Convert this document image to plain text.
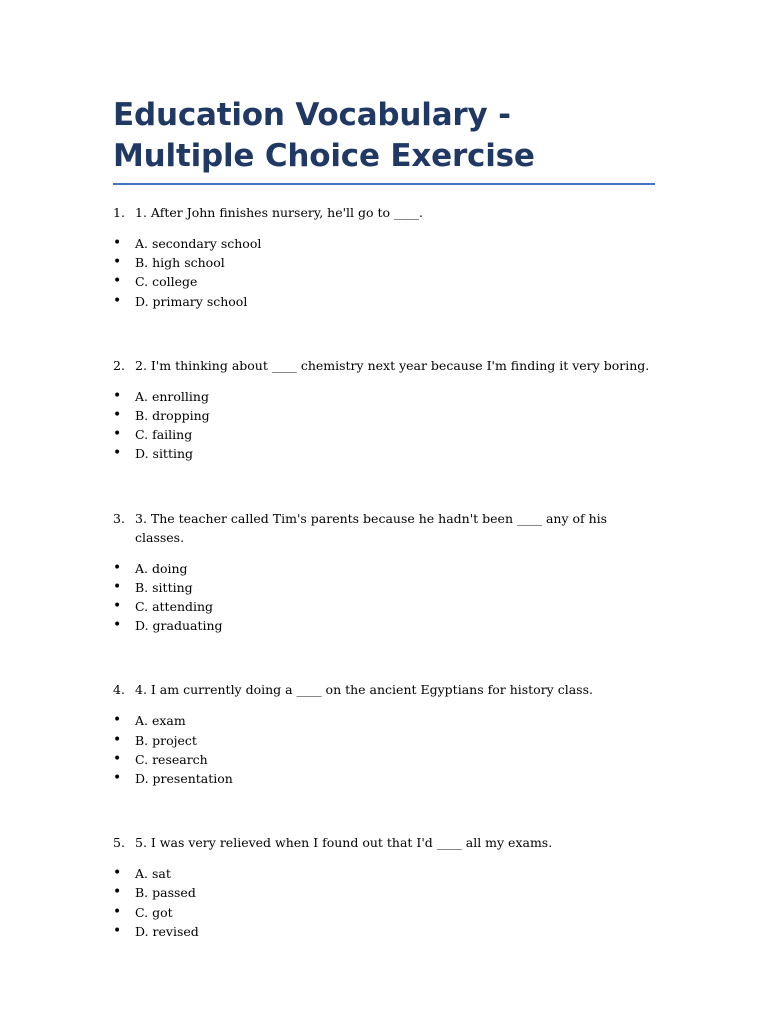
Education Vocabulary - Multiple Choice Exercise
1. 1. After John finishes nursery, he'll go to ____.
•	A. secondary school
•	B. high school
•	C. college
•	D. primary school
2. 2. I'm thinking about ____ chemistry next year because I'm finding it very boring.
•	A. enrolling
•	B. dropping
•	C. failing
•	D. sitting
3. 3. The teacher called Tim's parents because he hadn't been ____ any of his classes.
•	A. doing
•	B. sitting
•	C. attending
•	D. graduating
4. 4. I am currently doing a ____ on the ancient Egyptians for history class.
•	A. exam
•	B. project
•	C. research
•	D. presentation
5. 5. I was very relieved when I found out that I'd ____ all my exams.
•	A. sat
•	B. passed
•	C. got
•	D. revised
